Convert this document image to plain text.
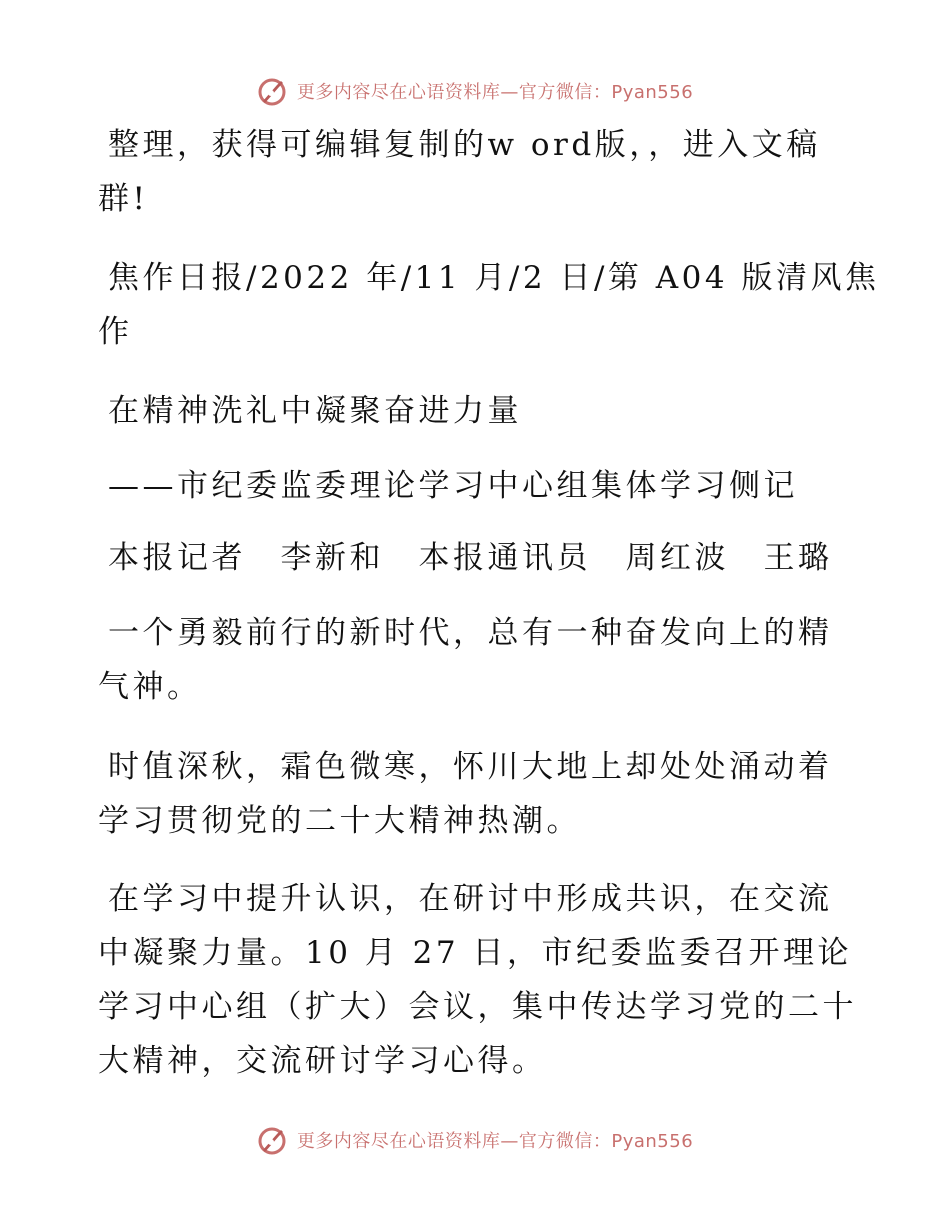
更多内容尽在心语资料库—官方微信：Pyan556
整理，获得可编辑复制的w ord版，，进入文稿
群!
焦作日报/2022 年/11 月/2 日/第 A04 版清风焦
作
在精神洗礼中凝聚奋进力量
——市纪委监委理论学习中心组集体学习侧记
本报记者　李新和　本报通讯员　周红波　王璐
一个勇毅前行的新时代，总有一种奋发向上的精
气神。
时值深秋，霜色微寒，怀川大地上却处处涌动着
学习贯彻党的二十大精神热潮。
在学习中提升认识，在研讨中形成共识，在交流
中凝聚力量。10 月 27 日，市纪委监委召开理论
学习中心组（扩大）会议，集中传达学习党的二十
大精神，交流研讨学习心得。
更多内容尽在心语资料库—官方微信：Pyan556
